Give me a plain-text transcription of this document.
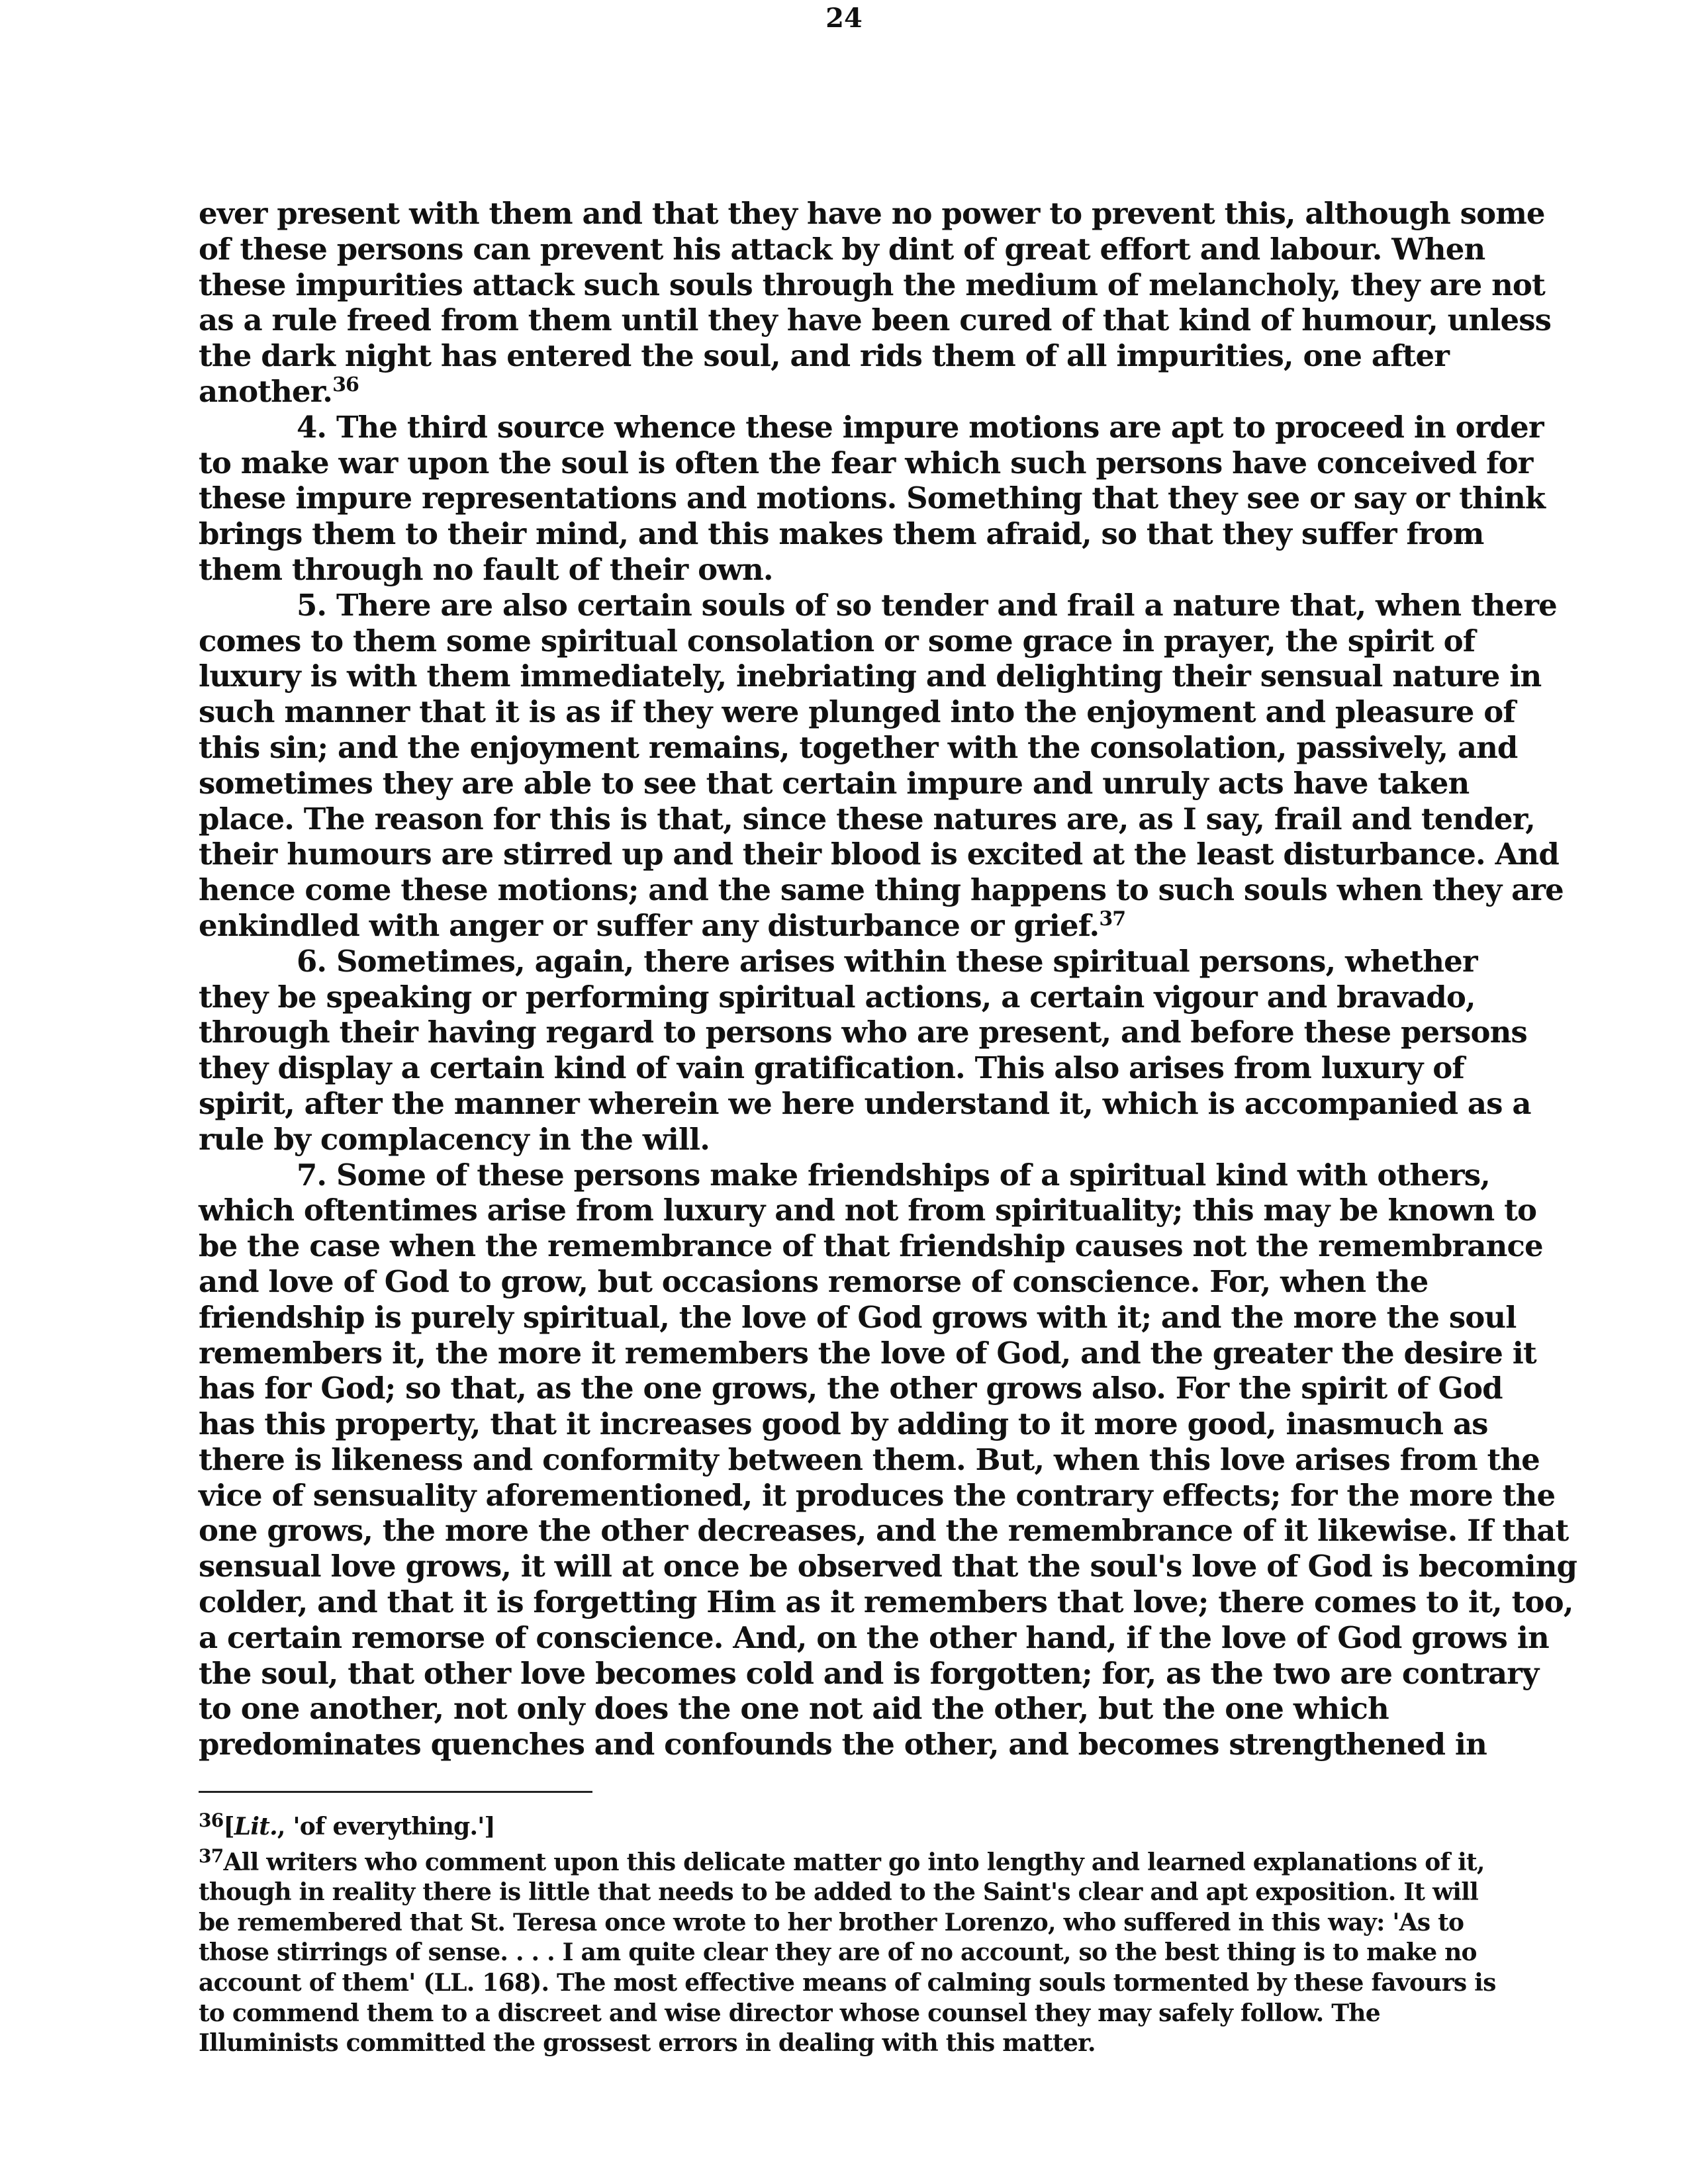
24

ever present with them and that they have no power to prevent this, although some

of these persons can prevent his attack by dint of great effort and labour. When

these impurities attack such souls through the medium of melancholy, they are not

as a rule freed from them until they have been cured of that kind of humour, unless

the dark night has entered the soul, and rids them of all impurities, one after

another.$^{36}$

4. The third source whence these impure motions are apt to proceed in order

to make war upon the soul is often the fear which such persons have conceived for

these impure representations and motions. Something that they see or say or think

brings them to their mind, and this makes them afraid, so that they suffer from

them through no fault of their own.

5. There are also certain souls of so tender and frail a nature that, when there

comes to them some spiritual consolation or some grace in prayer, the spirit of

luxury is with them immediately, inebriating and delighting their sensual nature in

such manner that it is as if they were plunged into the enjoyment and pleasure of

this sin; and the enjoyment remains, together with the consolation, passively, and

sometimes they are able to see that certain impure and unruly acts have taken

place. The reason for this is that, since these natures are, as I say, frail and tender,

their humours are stirred up and their blood is excited at the least disturbance. And

hence come these motions; and the same thing happens to such souls when they are

enkindled with anger or suffer any disturbance or grief.$^{37}$

6. Sometimes, again, there arises within these spiritual persons, whether

they be speaking or performing spiritual actions, a certain vigour and bravado,

through their having regard to persons who are present, and before these persons

they display a certain kind of vain gratification. This also arises from luxury of

spirit, after the manner wherein we here understand it, which is accompanied as a

rule by complacency in the will.

7. Some of these persons make friendships of a spiritual kind with others,

which oftentimes arise from luxury and not from spirituality; this may be known to

be the case when the remembrance of that friendship causes not the remembrance

and love of God to grow, but occasions remorse of conscience. For, when the

friendship is purely spiritual, the love of God grows with it; and the more the soul

remembers it, the more it remembers the love of God, and the greater the desire it

has for God; so that, as the one grows, the other grows also. For the spirit of God

has this property, that it increases good by adding to it more good, inasmuch as

there is likeness and conformity between them. But, when this love arises from the

vice of sensuality aforementioned, it produces the contrary effects; for the more the

one grows, the more the other decreases, and the remembrance of it likewise. If that

sensual love grows, it will at once be observed that the soul's love of God is becoming

colder, and that it is forgetting Him as it remembers that love; there comes to it, too,

a certain remorse of conscience. And, on the other hand, if the love of God grows in

the soul, that other love becomes cold and is forgotten; for, as the two are contrary

to one another, not only does the one not aid the other, but the one which

predominates quenches and confounds the other, and becomes strengthened in

$^{36}$[Lit., 'of everything.']

$^{37}$All writers who comment upon this delicate matter go into lengthy and learned explanations of it,

though in reality there is little that needs to be added to the Saint's clear and apt exposition. It will

be remembered that St. Teresa once wrote to her brother Lorenzo, who suffered in this way: 'As to

those stirrings of sense. . . . I am quite clear they are of no account, so the best thing is to make no

account of them' (LL. 168). The most effective means of calming souls tormented by these favours is

to commend them to a discreet and wise director whose counsel they may safely follow. The

Illuminists committed the grossest errors in dealing with this matter.
